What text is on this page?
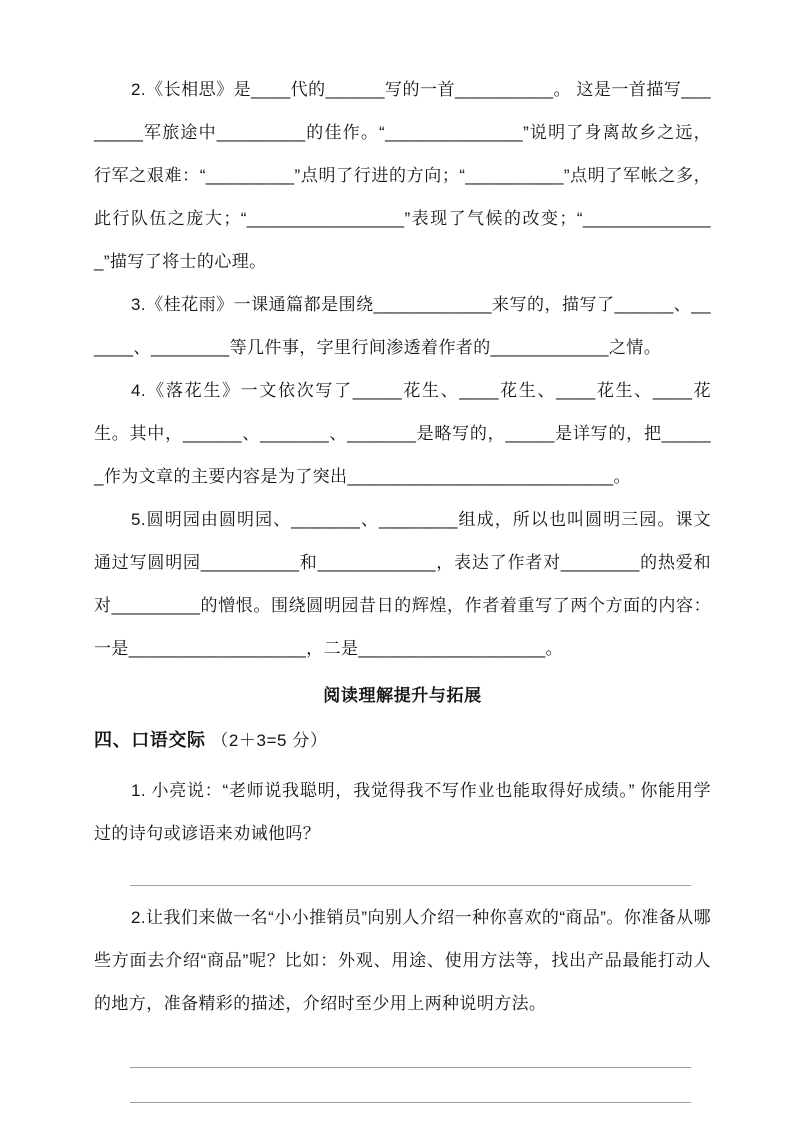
2.《长相思》是____代的______写的一首__________。 这是一首描写________军旅途中_________的佳作。“______________”说明了身离故乡之远，行军之艰难：“_________”点明了行进的方向；“__________”点明了军帐之多，此行队伍之庞大；“________________”表现了气候的改变；“______________”描写了将士的心理。

3.《桂花雨》一课通篇都是围绕____________来写的，描写了______、______、________等几件事，字里行间渗透着作者的____________之情。

4.《落花生》一文依次写了_____花生、____花生、____花生、____花生。其中，______、_______、_______是略写的，_____是详写的，把______作为文章的主要内容是为了突出___________________________。

5.圆明园由圆明园、_______、________组成，所以也叫圆明三园。课文通过写圆明园__________和____________，表达了作者对________的热爱和对_________的憎恨。围绕圆明园昔日的辉煌，作者着重写了两个方面的内容：一是__________________，二是___________________。

阅读理解提升与拓展

四、口语交际 （2＋3=5 分）

1. 小亮说：“老师说我聪明，我觉得我不写作业也能取得好成绩。” 你能用学过的诗句或谚语来劝诫他吗？

2.让我们来做一名“小小推销员”向别人介绍一种你喜欢的“商品”。你准备从哪些方面去介绍“商品”呢？比如：外观、用途、使用方法等，找出产品最能打动人的地方，准备精彩的描述，介绍时至少用上两种说明方法。
